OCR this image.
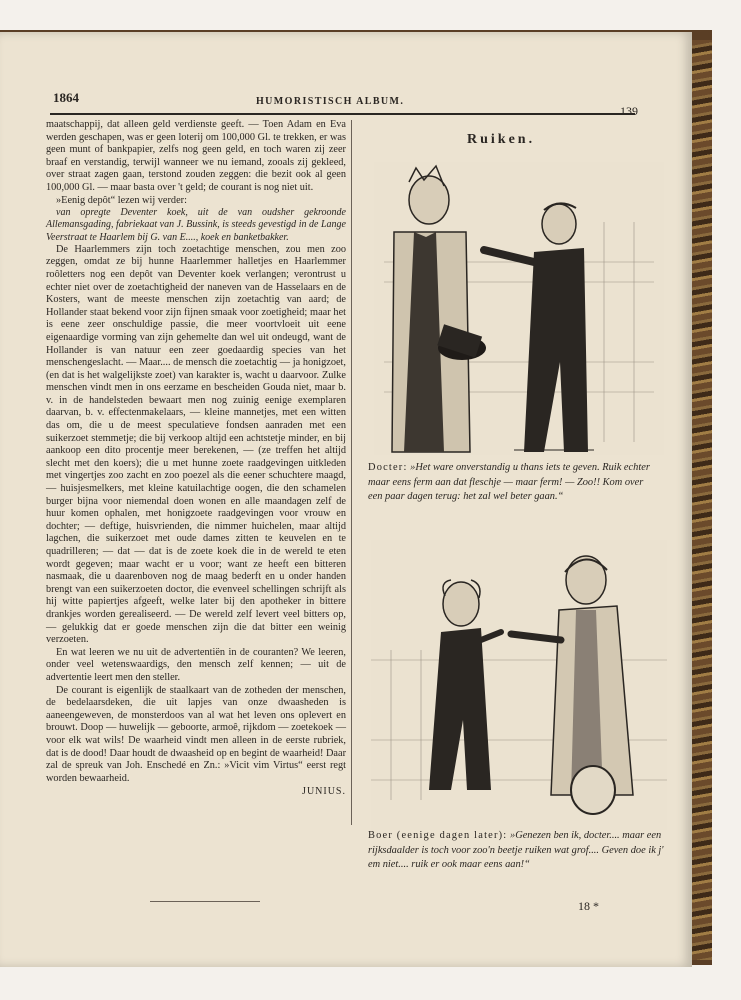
1864	HUMORISTISCH ALBUM.
139

maatschappij, dat alleen geld verdienste geeft. — Toen Adam en Eva werden geschapen, was er geen loterij om 100,000 Gl. te trekken, er was geen munt of bankpapier, zelfs nog geen geld, en toch waren zij zeer braaf en verstandig, terwijl wanneer we nu iemand, zooals zij gekleed, over straat zagen gaan, terstond zouden zeggen: die bezit ook al geen 100,000 Gl. — maar basta over 't geld; de courant is nog niet uit.

»Eenig depôt“ lezen wij verder:

van opregte Deventer koek, uit de van oudsher gekroonde Allemansgading, fabriekaat van J. Bussink, is steeds gevestigd in de Lange Veerstraat te Haarlem bij G. van E...., koek en banketbakker.

De Haarlemmers zijn toch zoetachtige menschen, zou men zoo zeggen, omdat ze bij hunne Haarlemmer halletjes en Haarlemmer roôletters nog een depôt van Deventer koek verlangen; verontrust u echter niet over de zoetachtigheid der naneven van de Hasselaars en de Kosters, want de meeste menschen zijn zoetachtig van aard; de Hollander staat bekend voor zijn fijnen smaak voor zoetigheid; maar het is eene zeer onschuldige passie, die meer voortvloeit uit eene eigenaardige vorming van zijn gehemelte dan wel uit ondeugd, want de Hollander is van natuur een zeer goedaardig species van het menschengeslacht. — Maar.... de mensch die zoetachtig — ja honigzoet, (en dat is het walgelijkste zoet) van karakter is, wacht u daarvoor. Zulke menschen vindt men in ons eerzame en bescheiden Gouda niet, maar b. v. in de handelsteden bewaart men nog zuinig eenige exemplaren daarvan, b. v. effectenmakelaars, — kleine mannetjes, met een witten das om, die u de meest speculatieve fondsen aanraden met een suikerzoet stemmetje; die bij verkoop altijd een achtstetje minder, en bij aankoop een dito procentje meer berekenen, — (ze treffen het altijd slecht met den koers); die u met hunne zoete raadgevingen uitkleden met vingertjes zoo zacht en zoo poezel als die eener schuchtere maagd, — huisjesmelkers, met kleine katuilachtige oogen, die den schamelen burger bijna voor niemendal doen wonen en alle maandagen zelf de huur komen ophalen, met honigzoete raadgevingen voor vrouw en dochter; — deftige, huisvrienden, die nimmer huichelen, maar altijd lagchen, die suikerzoet met oude dames zitten te keuvelen en te quadrilleren; — dat — dat is de zoete koek die in de wereld te eten wordt gegeven; maar wacht er u voor; want ze heeft een bitteren nasmaak, die u daarenboven nog de maag bederft en u onder handen brengt van een suikerzoeten doctor, die evenveel schellingen schrijft als hij witte papiertjes afgeeft, welke later bij den apotheker in bittere drankjes worden gerealiseerd. — De wereld zelf levert veel bitters op, — gelukkig dat er goede menschen zijn die dat bitter een weinig verzoeten.

En wat leeren we nu uit de advertentiën in de couranten? We leeren, onder veel wetenswaardigs, den mensch zelf kennen; — uit de advertentie leert men den steller.

De courant is eigenlijk de staalkaart van de zotheden der menschen, de bedelaarsdeken, die uit lapjes van onze dwaasheden is aaneengeweven, de monsterdoos van al wat het leven ons oplevert en brouwt. Doop — huwelijk — geboorte, armoê, rijkdom — zoetekoek — voor elk wat wils! De waarheid vindt men alleen in de eerste rubriek, dat is de dood! Daar houdt de dwaasheid op en begint de waarheid! Daar zal de spreuk van Joh. Enschedé en Zn.: »Vicit vim Virtus“ eerst regt worden bewaarheid.

JUNIUS.
Ruiken.
Docter: »Het ware onverstandig u thans iets te geven. Ruik echter maar eens ferm aan dat fleschje — maar ferm! — Zoo!! Kom over een paar dagen terug: het zal wel beter gaan.“
Boer (eenige dagen later): »Genezen ben ik, docter.... maar een rijksdaalder is toch voor zoo'n beetje ruiken wat grof.... Geven doe ik j' em niet.... ruik er ook maar eens aan!“
18 *
